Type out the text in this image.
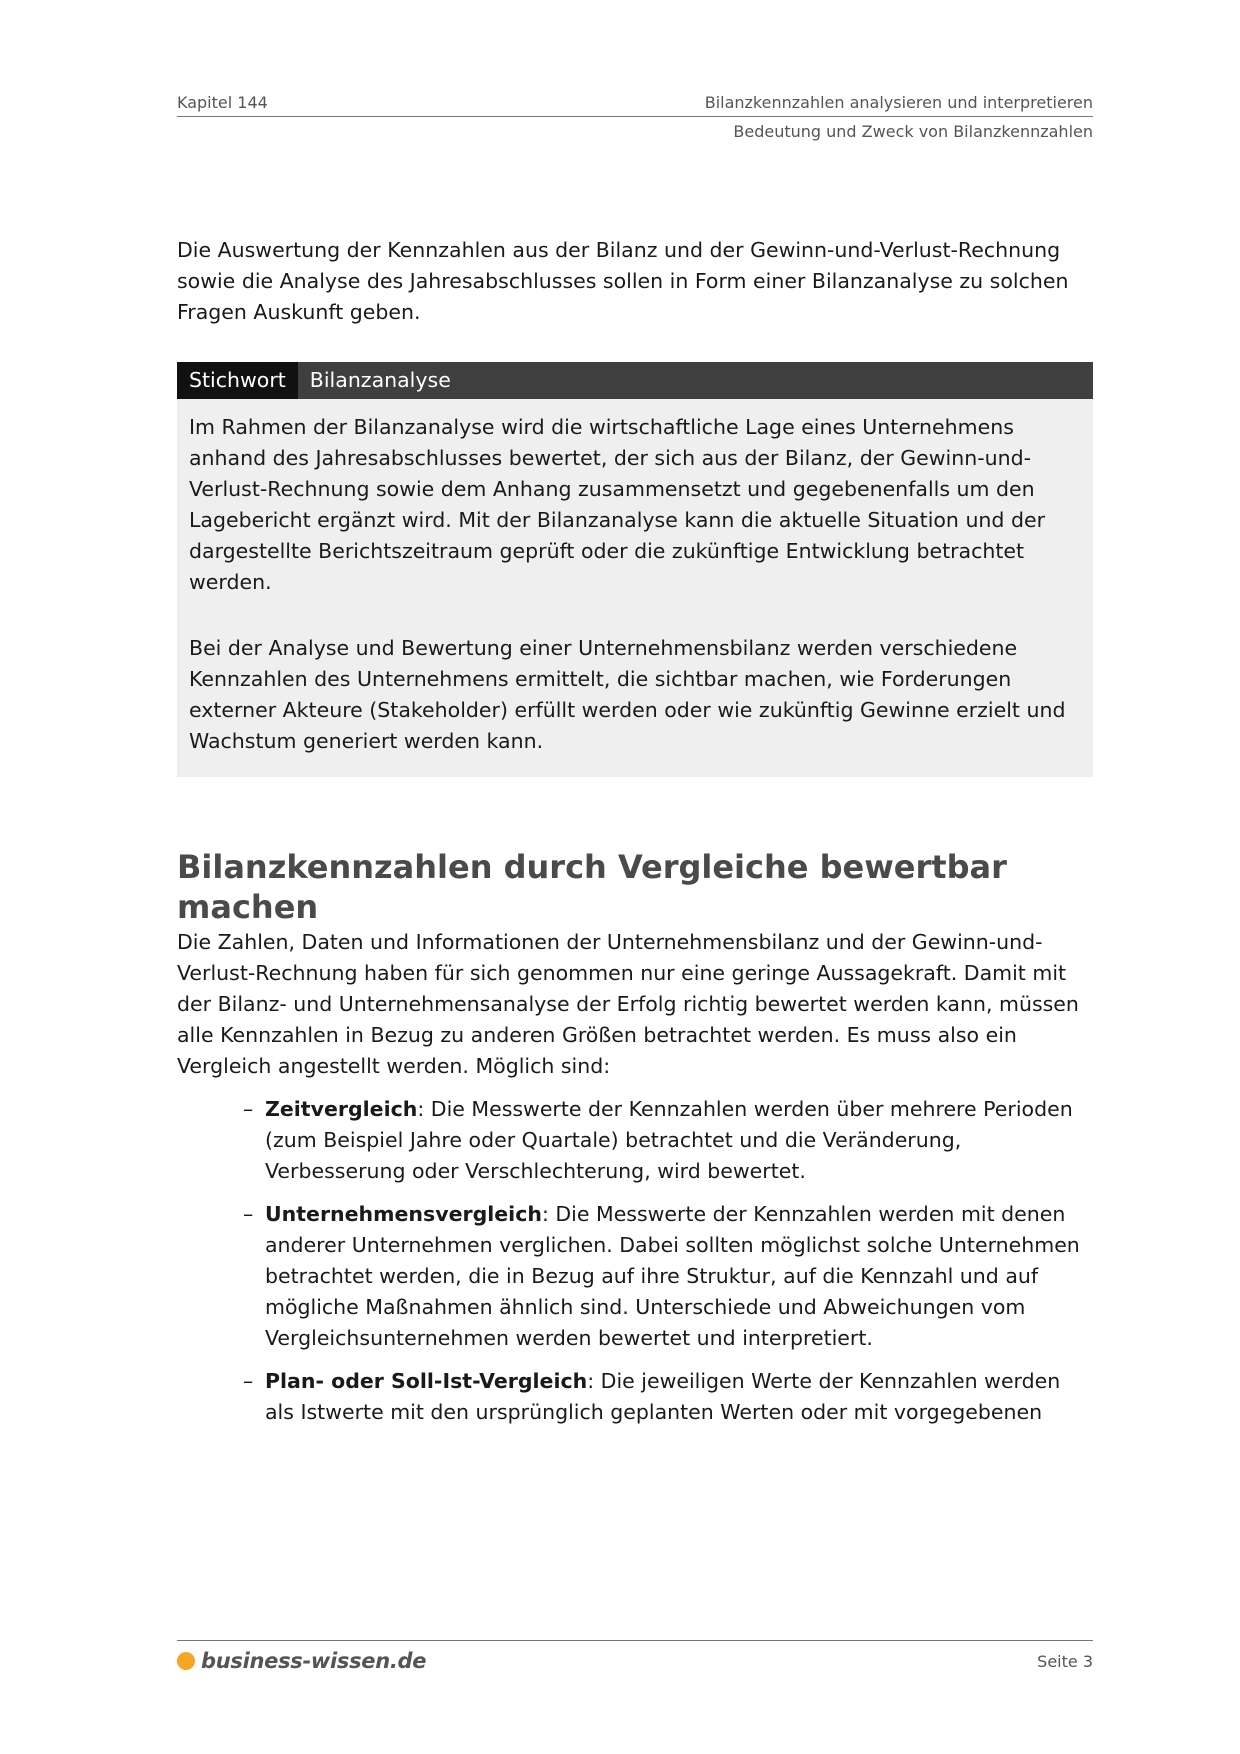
Kapitel 144	Bilanzkennzahlen analysieren und interpretieren
Bedeutung und Zweck von Bilanzkennzahlen

Die Auswertung der Kennzahlen aus der Bilanz und der Gewinn-und-Verlust-Rechnung sowie die Analyse des Jahresabschlusses sollen in Form einer Bilanzanalyse zu solchen Fragen Auskunft geben.

Stichwort	Bilanzanalyse

Im Rahmen der Bilanzanalyse wird die wirtschaftliche Lage eines Unternehmens anhand des Jahresabschlusses bewertet, der sich aus der Bilanz, der Gewinn-und-Verlust-Rechnung sowie dem Anhang zusammensetzt und gegebenenfalls um den Lagebericht ergänzt wird. Mit der Bilanzanalyse kann die aktuelle Situation und der dargestellte Berichtszeitraum geprüft oder die zukünftige Entwicklung betrachtet werden.

Bei der Analyse und Bewertung einer Unternehmensbilanz werden verschiedene Kennzahlen des Unternehmens ermittelt, die sichtbar machen, wie Forderungen externer Akteure (Stakeholder) erfüllt werden oder wie zukünftig Gewinne erzielt und Wachstum generiert werden kann.

Bilanzkennzahlen durch Vergleiche bewertbar machen

Die Zahlen, Daten und Informationen der Unternehmensbilanz und der Gewinn-und-Verlust-Rechnung haben für sich genommen nur eine geringe Aussagekraft. Damit mit der Bilanz- und Unternehmensanalyse der Erfolg richtig bewertet werden kann, müssen alle Kennzahlen in Bezug zu anderen Größen betrachtet werden. Es muss also ein Vergleich angestellt werden. Möglich sind:

– Zeitvergleich: Die Messwerte der Kennzahlen werden über mehrere Perioden (zum Beispiel Jahre oder Quartale) betrachtet und die Veränderung, Verbesserung oder Verschlechterung, wird bewertet.
– Unternehmensvergleich: Die Messwerte der Kennzahlen werden mit denen anderer Unternehmen verglichen. Dabei sollten möglichst solche Unternehmen betrachtet werden, die in Bezug auf ihre Struktur, auf die Kennzahl und auf mögliche Maßnahmen ähnlich sind. Unterschiede und Abweichungen vom Vergleichsunternehmen werden bewertet und interpretiert.
– Plan- oder Soll-Ist-Vergleich: Die jeweiligen Werte der Kennzahlen werden als Istwerte mit den ursprünglich geplanten Werten oder mit vorgegebenen
business-wissen.de	Seite 3
